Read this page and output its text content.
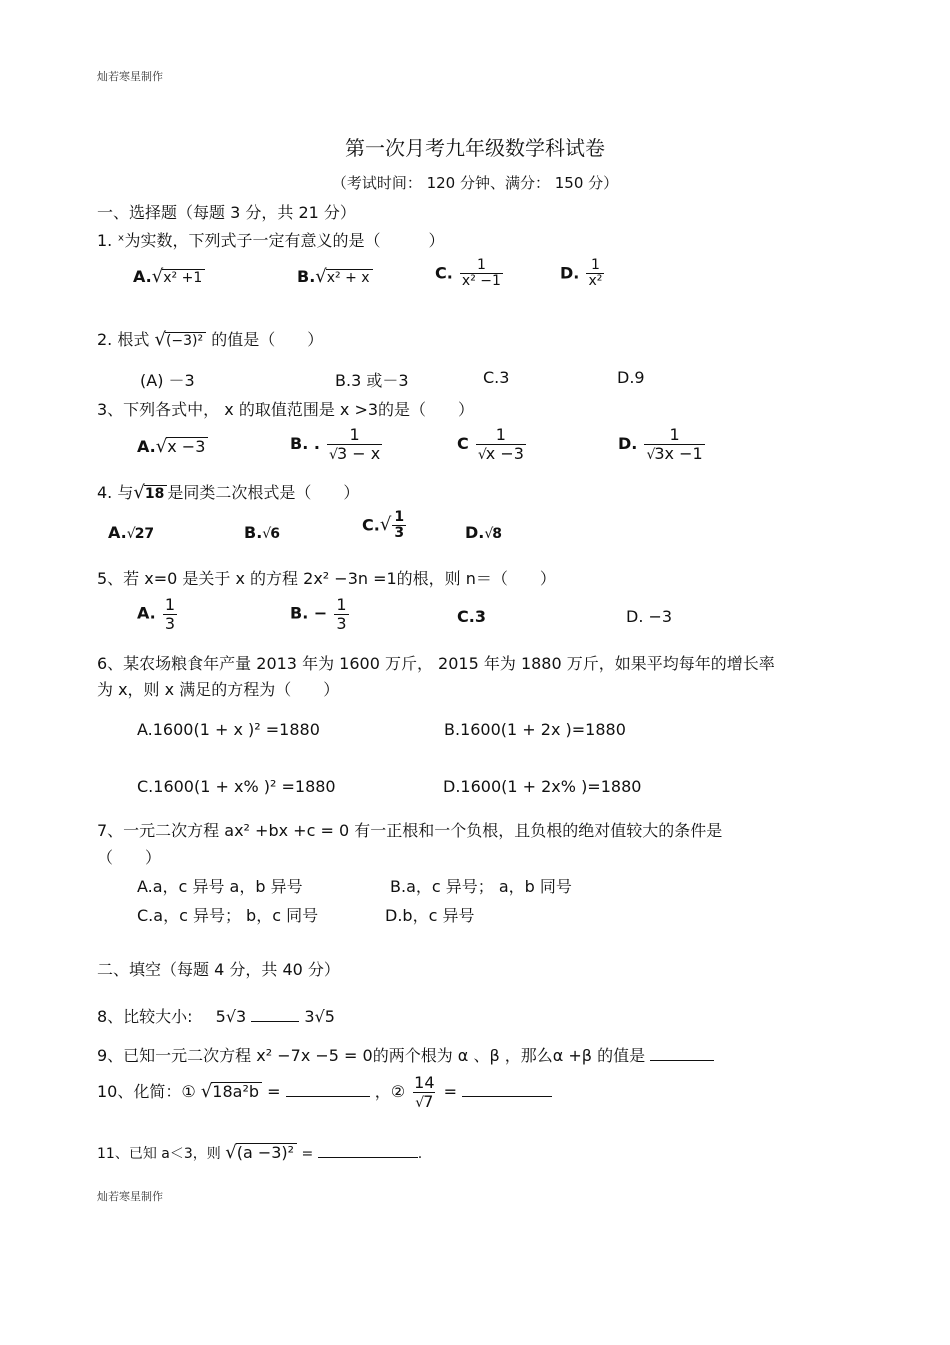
灿若寒星制作
第一次月考九年级数学科试卷
（考试时间： 120 分钟、满分： 150 分）
一、选择题（每题 3 分，共 21 分）
1. ˣ为实数，下列式子一定有意义的是（　　　）
A.√x² +1	B.√x² + x	C. $\frac{1}{\text{x² −1}}$	D. $\frac{1}{\text{x²}}$
2. 根式 √(−3)² 的值是（　　）
(A) －3	B.3 或－3	C.3	D.9
3、下列各式中， x 的取值范围是 x >3的是（　　）
A.√x −3	B. . $\frac{1}{√3 - x}$	C $\frac{1}{√x -3}$	D. $\frac{1}{√3x -1}$
4. 与√18 是同类二次根式是（　　）
A.√27	B.√6	$C.√ \frac{1}{3}$	D.√8
5、若 x=0 是关于 x 的方程 2x² −3n =1的根，则 n＝（　　）
A. $\frac{1}{3}$	B. − $\frac{1}{3}$	C.3	D. −3
6、某农场粮食年产量 2013 年为 1600 万斤， 2015 年为 1880 万斤，如果平均每年的增长率
为 x，则 x 满足的方程为（　　）
A.1600(1 + x )² =1880	B.1600(1 + 2x )=1880
C.1600(1 + x% )² =1880	D.1600(1 + 2x% )=1880
7、一元二次方程 ax² +bx +c = 0 有一正根和一个负根，且负根的绝对值较大的条件是
（　　）
A.a，c 异号 a，b 异号	B.a，c 异号； a，b 同号
C.a，c 异号； b，c 同号	D.b，c 异号
二、填空（每题 4 分，共 40 分）
8、比较大小: 5√3	3√5
9、已知一元二次方程 x² −7x −5 = 0的两个根为 α 、β ，那么α +β 的值是
10、化简：① √18a²b =	，② $\frac{14}{√7}$ =
11、已知 a＜3，则 √(a −3)² =	.
灿若寒星制作
